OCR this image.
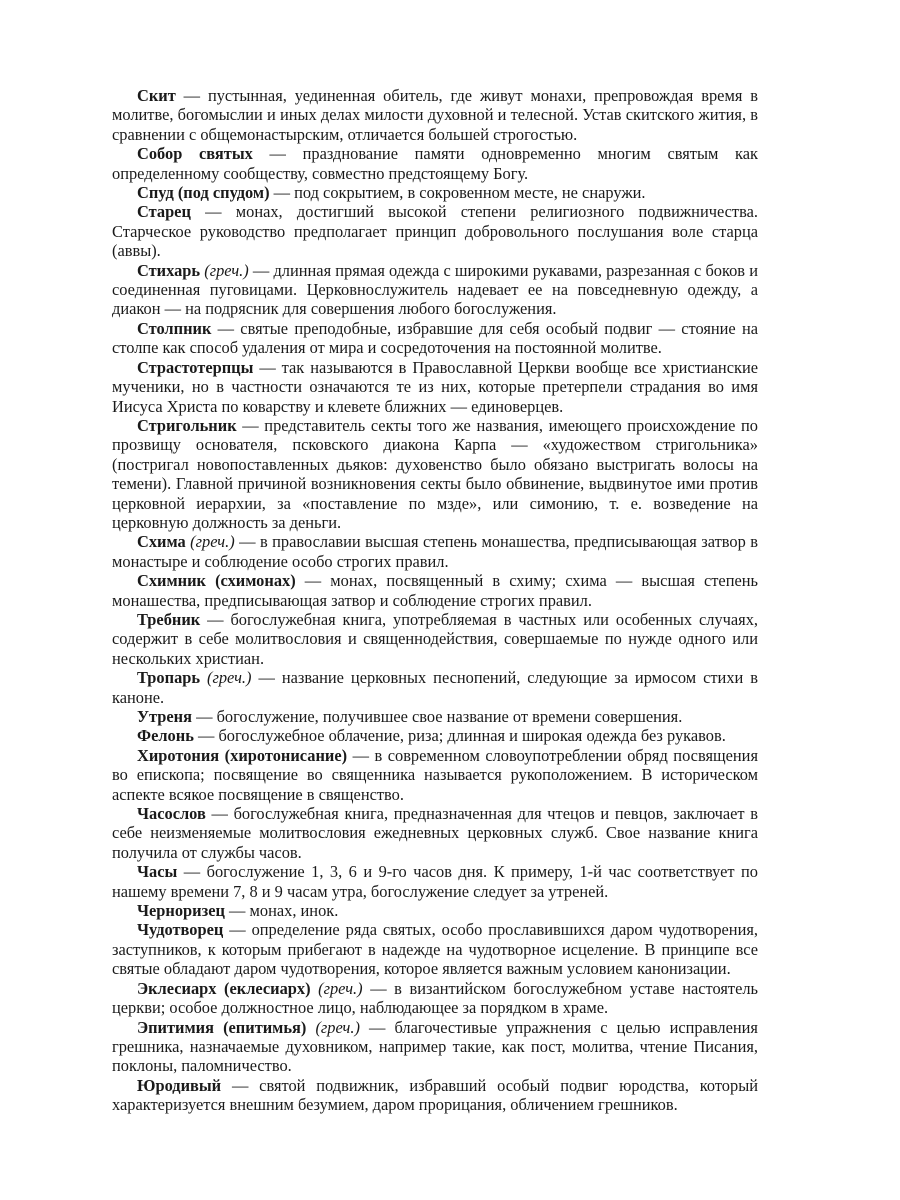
Скит — пустынная, уединенная обитель, где живут монахи, препровождая время в молитве, богомыслии и иных делах милости духовной и телесной. Устав скитского жития, в сравнении с общемонастырским, отличается большей строгостью.

Собор святых — празднование памяти одновременно многим святым как определенному сообществу, совместно предстоящему Богу.

Спуд (под спудом) — под сокрытием, в сокровенном месте, не снаружи.

Старец — монах, достигший высокой степени религиозного подвижничества. Старческое руководство предполагает принцип добровольного послушания воле старца (аввы).

Стихарь (греч.) — длинная прямая одежда с широкими рукавами, разрезанная с боков и соединенная пуговицами. Церковнослужитель надевает ее на повседневную одежду, а диакон — на подрясник для совершения любого богослужения.

Столпник — святые преподобные, избравшие для себя особый подвиг — стояние на столпе как способ удаления от мира и сосредоточения на постоянной молитве.

Страстотерпцы — так называются в Православной Церкви вообще все христианские мученики, но в частности означаются те из них, которые претерпели страдания во имя Иисуса Христа по коварству и клевете ближних — единоверцев.

Стригольник — представитель секты того же названия, имеющего происхождение по прозвищу основателя, псковского диакона Карпа — «художеством стригольника» (постригал новопоставленных дьяков: духовенство было обязано выстригать волосы на темени). Главной причиной возникновения секты было обвинение, выдвинутое ими против церковной иерархии, за «поставление по мзде», или симонию, т. е. возведение на церковную должность за деньги.

Схима (греч.) — в православии высшая степень монашества, предписывающая затвор в монастыре и соблюдение особо строгих правил.

Схимник (схимонах) — монах, посвященный в схиму; схима — высшая степень монашества, предписывающая затвор и соблюдение строгих правил.

Требник — богослужебная книга, употребляемая в частных или особенных случаях, содержит в себе молитвословия и священнодействия, совершаемые по нужде одного или нескольких христиан.

Тропарь (греч.) — название церковных песнопений, следующие за ирмосом стихи в каноне.

Утреня — богослужение, получившее свое название от времени совершения.

Фелонь — богослужебное облачение, риза; длинная и широкая одежда без рукавов.

Хиротония (хиротонисание) — в современном словоупотреблении обряд посвящения во епископа; посвящение во священника называется рукоположением. В историческом аспекте всякое посвящение в священство.

Часослов — богослужебная книга, предназначенная для чтецов и певцов, заключает в себе неизменяемые молитвословия ежедневных церковных служб. Свое название книга получила от службы часов.

Часы — богослужение 1, 3, 6 и 9-го часов дня. К примеру, 1-й час соответствует по нашему времени 7, 8 и 9 часам утра, богослужение следует за утреней.

Черноризец — монах, инок.

Чудотворец — определение ряда святых, особо прославившихся даром чудотворения, заступников, к которым прибегают в надежде на чудотворное исцеление. В принципе все святые обладают даром чудотворения, которое является важным условием канонизации.

Эклесиарх (еклесиарх) (греч.) — в византийском богослужебном уставе настоятель церкви; особое должностное лицо, наблюдающее за порядком в храме.

Эпитимия (епитимья) (греч.) — благочестивые упражнения с целью исправления грешника, назначаемые духовником, например такие, как пост, молитва, чтение Писания, поклоны, паломничество.

Юродивый — святой подвижник, избравший особый подвиг юродства, который характеризуется внешним безумием, даром прорицания, обличением грешников.
